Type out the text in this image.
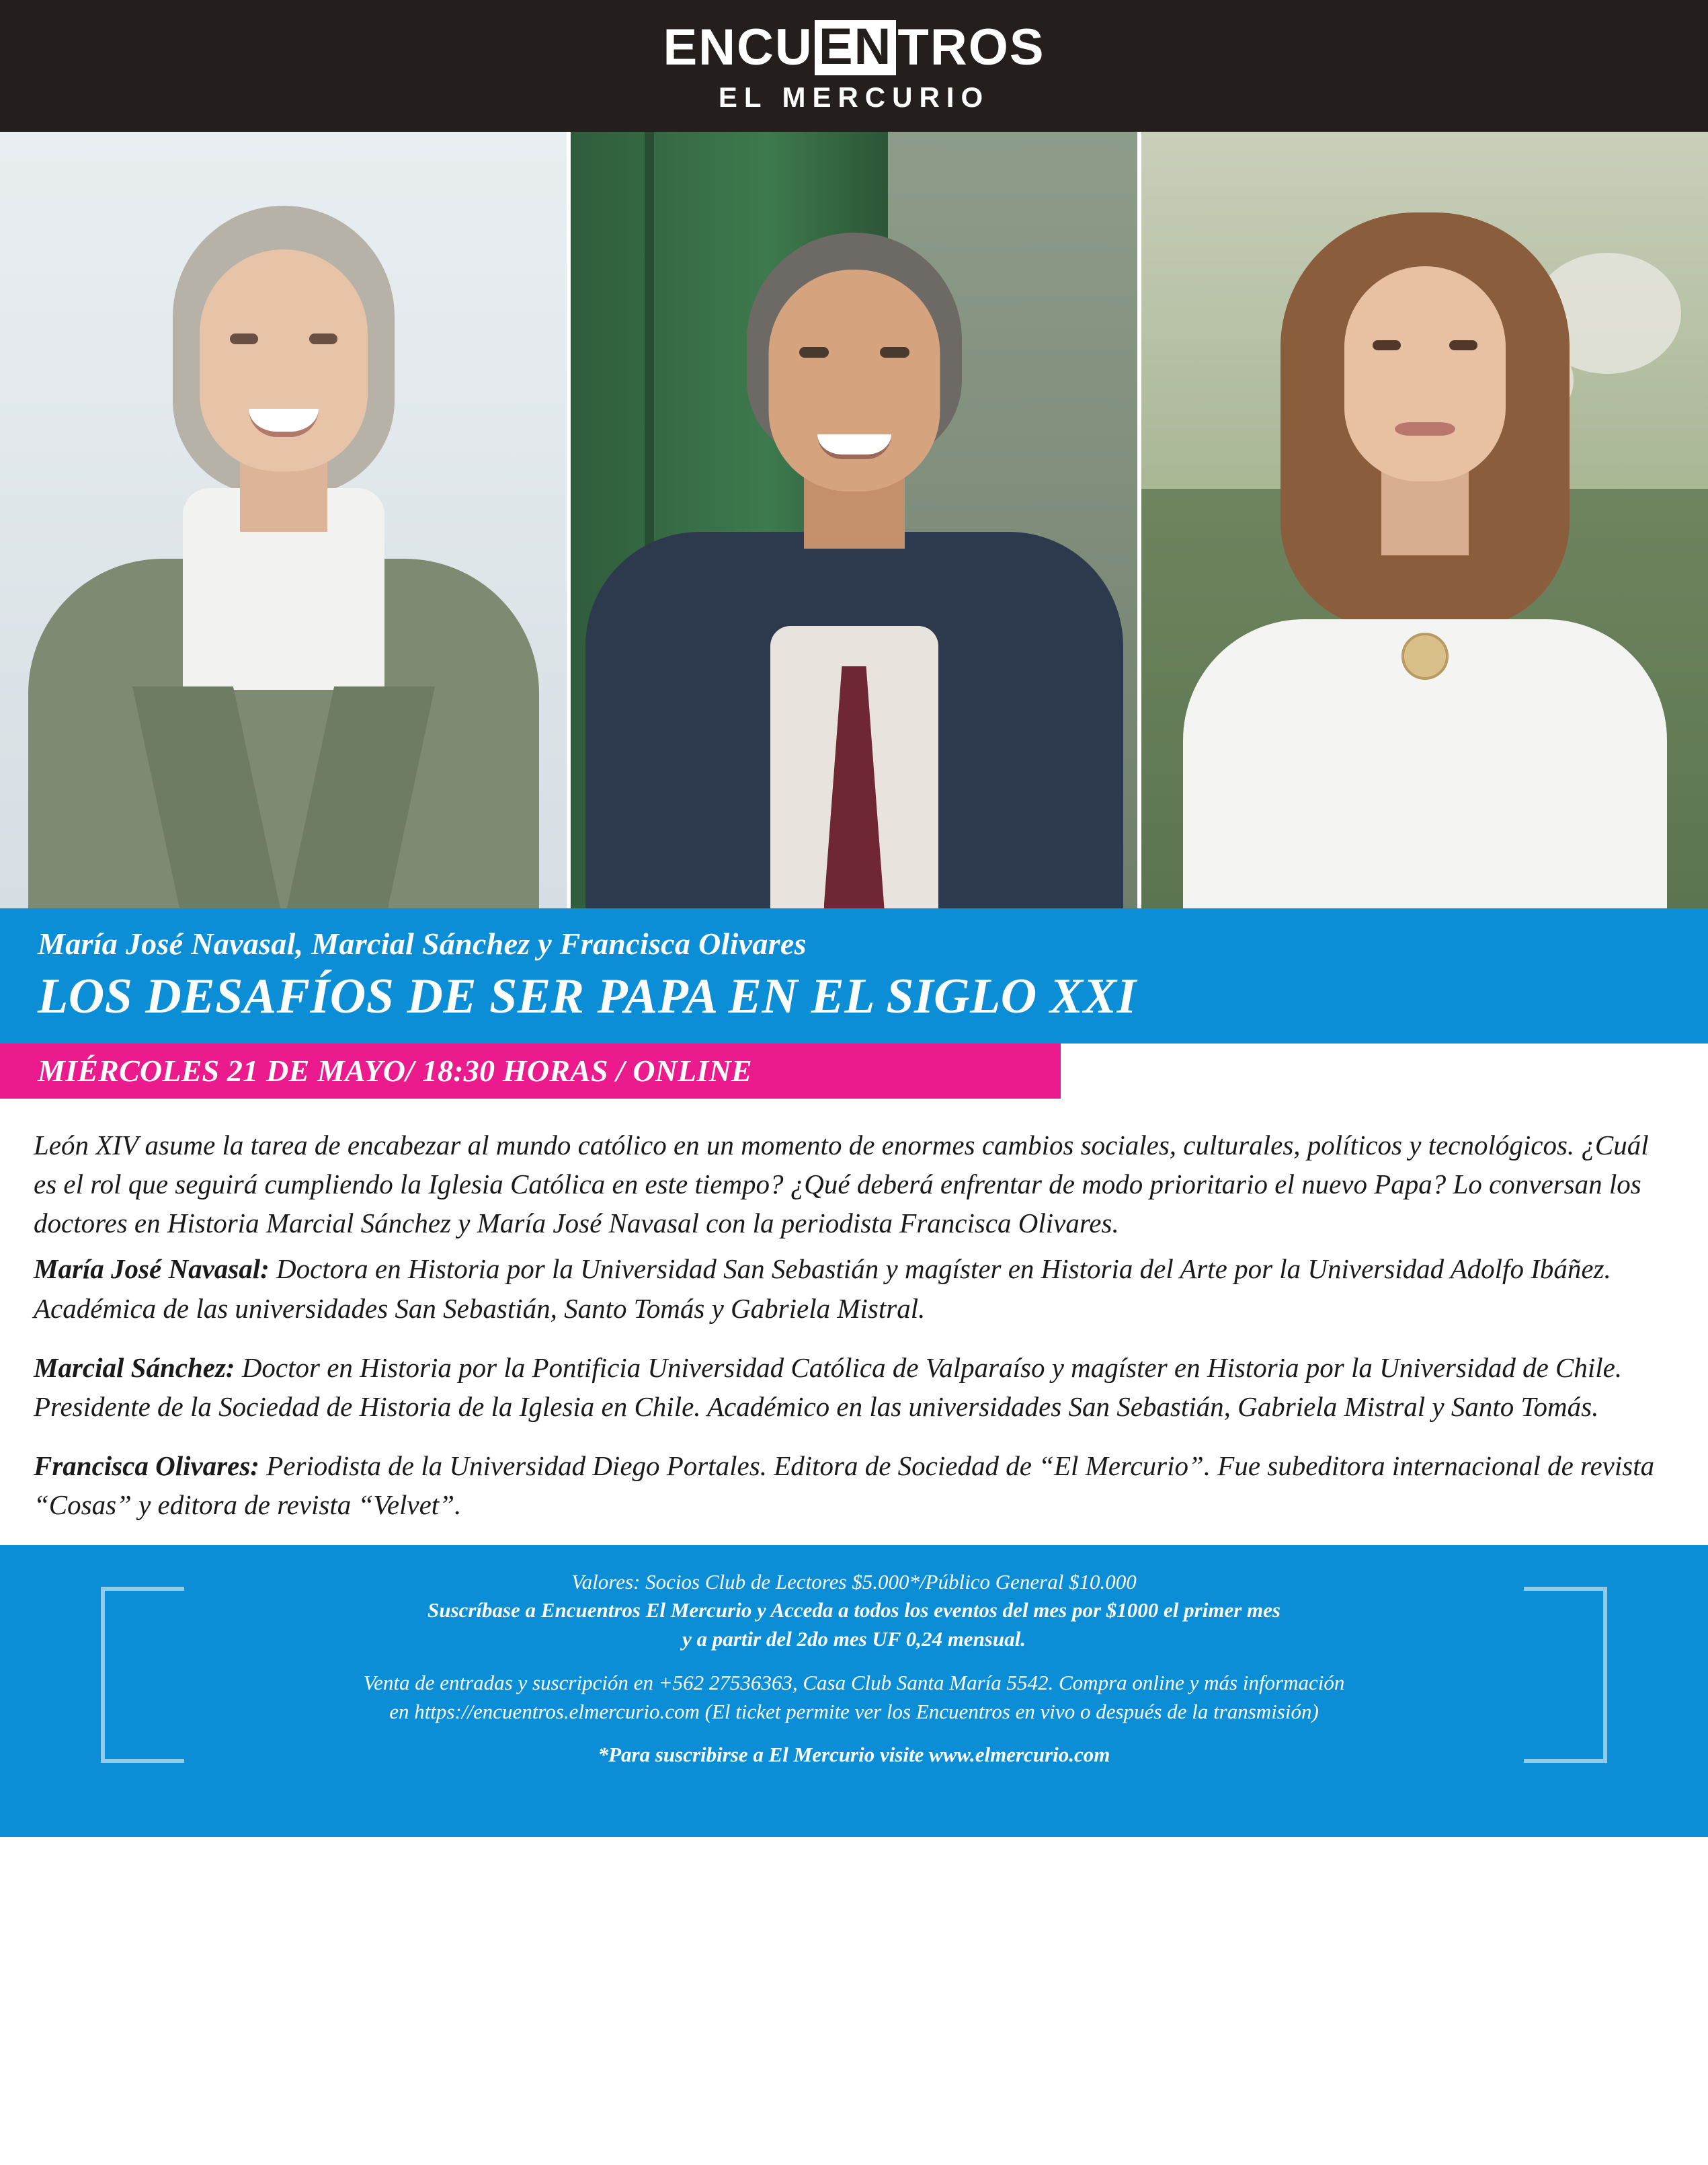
ENCU EN TROS
EL MERCURIO
María José Navasal, Marcial Sánchez y Francisca Olivares
LOS DESAFÍOS DE SER PAPA EN EL SIGLO XXI
MIÉRCOLES 21 DE MAYO/ 18:30 HORAS / ONLINE

León XIV asume la tarea de encabezar al mundo católico en un momento de enormes cambios sociales, culturales, políticos y tecnológicos. ¿Cuál es el rol que seguirá cumpliendo la Iglesia Católica en este tiempo? ¿Qué deberá enfrentar de modo prioritario el nuevo Papa? Lo conversan los doctores en Historia Marcial Sánchez y María José Navasal con la periodista Francisca Olivares.

María José Navasal: Doctora en Historia por la Universidad San Sebastián y magíster en Historia del Arte por la Universidad Adolfo Ibáñez. Académica de las universidades San Sebastián, Santo Tomás y Gabriela Mistral.

Marcial Sánchez: Doctor en Historia por la Pontificia Universidad Católica de Valparaíso y magíster en Historia por la Universidad de Chile. Presidente de la Sociedad de Historia de la Iglesia en Chile. Académico en las universidades San Sebastián, Gabriela Mistral y Santo Tomás.

Francisca Olivares: Periodista de la Universidad Diego Portales. Editora de Sociedad de “El Mercurio”. Fue subeditora internacional de revista “Cosas” y editora de revista “Velvet”.

Valores: Socios Club de Lectores $5.000*/Público General $10.000
Suscríbase a Encuentros El Mercurio y Acceda a todos los eventos del mes por $1000 el primer mes
y a partir del 2do mes UF 0,24 mensual.
Venta de entradas y suscripción en +562 27536363, Casa Club Santa María 5542. Compra online y más información
en https://encuentros.elmercurio.com (El ticket permite ver los Encuentros en vivo o después de la transmisión)
*Para suscribirse a El Mercurio visite www.elmercurio.com
